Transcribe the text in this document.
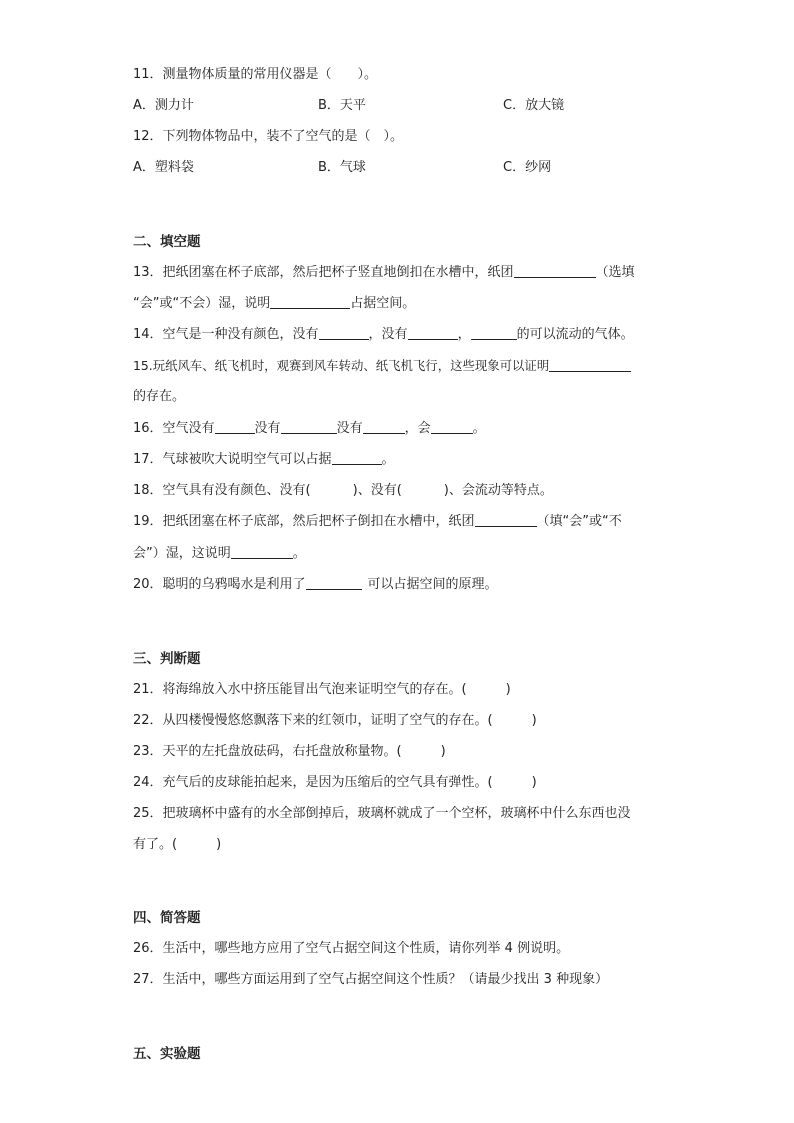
11．测量物体质量的常用仪器是（　　）。
A．测力计	B．天平	C．放大镜
12．下列物体物品中，装不了空气的是（　）。
A．塑料袋	B．气球	C．纱网
二、填空题
13．把纸团塞在杯子底部，然后把杯子竖直地倒扣在水槽中，纸团	（选填
“会”或“不会）湿，说明	占据空间。
14．空气是一种没有颜色，没有	，没有	，	的可以流动的气体。
15.玩纸风车、纸飞机时，观赛到风车转动、纸飞机飞行，这些现象可以证明
的存在。
16．空气没有	没有	没有	，会	。
17．气球被吹大说明空气可以占据	。
18．空气具有没有颜色、没有(	)、没有(	)、会流动等特点。
19．把纸团塞在杯子底部，然后把杯子倒扣在水槽中，纸团	（填“会”或“不
会”）湿，这说明	。
20．聪明的乌鸦喝水是利用了	可以占据空间的原理。
三、判断题
21．将海绵放入水中挤压能冒出气泡来证明空气的存在。(　　　)
22．从四楼慢慢悠悠飘落下来的红领巾，证明了空气的存在。(　　　)
23．天平的左托盘放砝码，右托盘放称量物。(　　　)
24．充气后的皮球能拍起来，是因为压缩后的空气具有弹性。(　　　)
25．把玻璃杯中盛有的水全部倒掉后，玻璃杯就成了一个空杯，玻璃杯中什么东西也没
有了。(　　　)
四、简答题
26．生活中，哪些地方应用了空气占据空间这个性质，请你列举 4 例说明。
27．生活中，哪些方面运用到了空气占据空间这个性质？（请最少找出 3 种现象）
五、实验题
